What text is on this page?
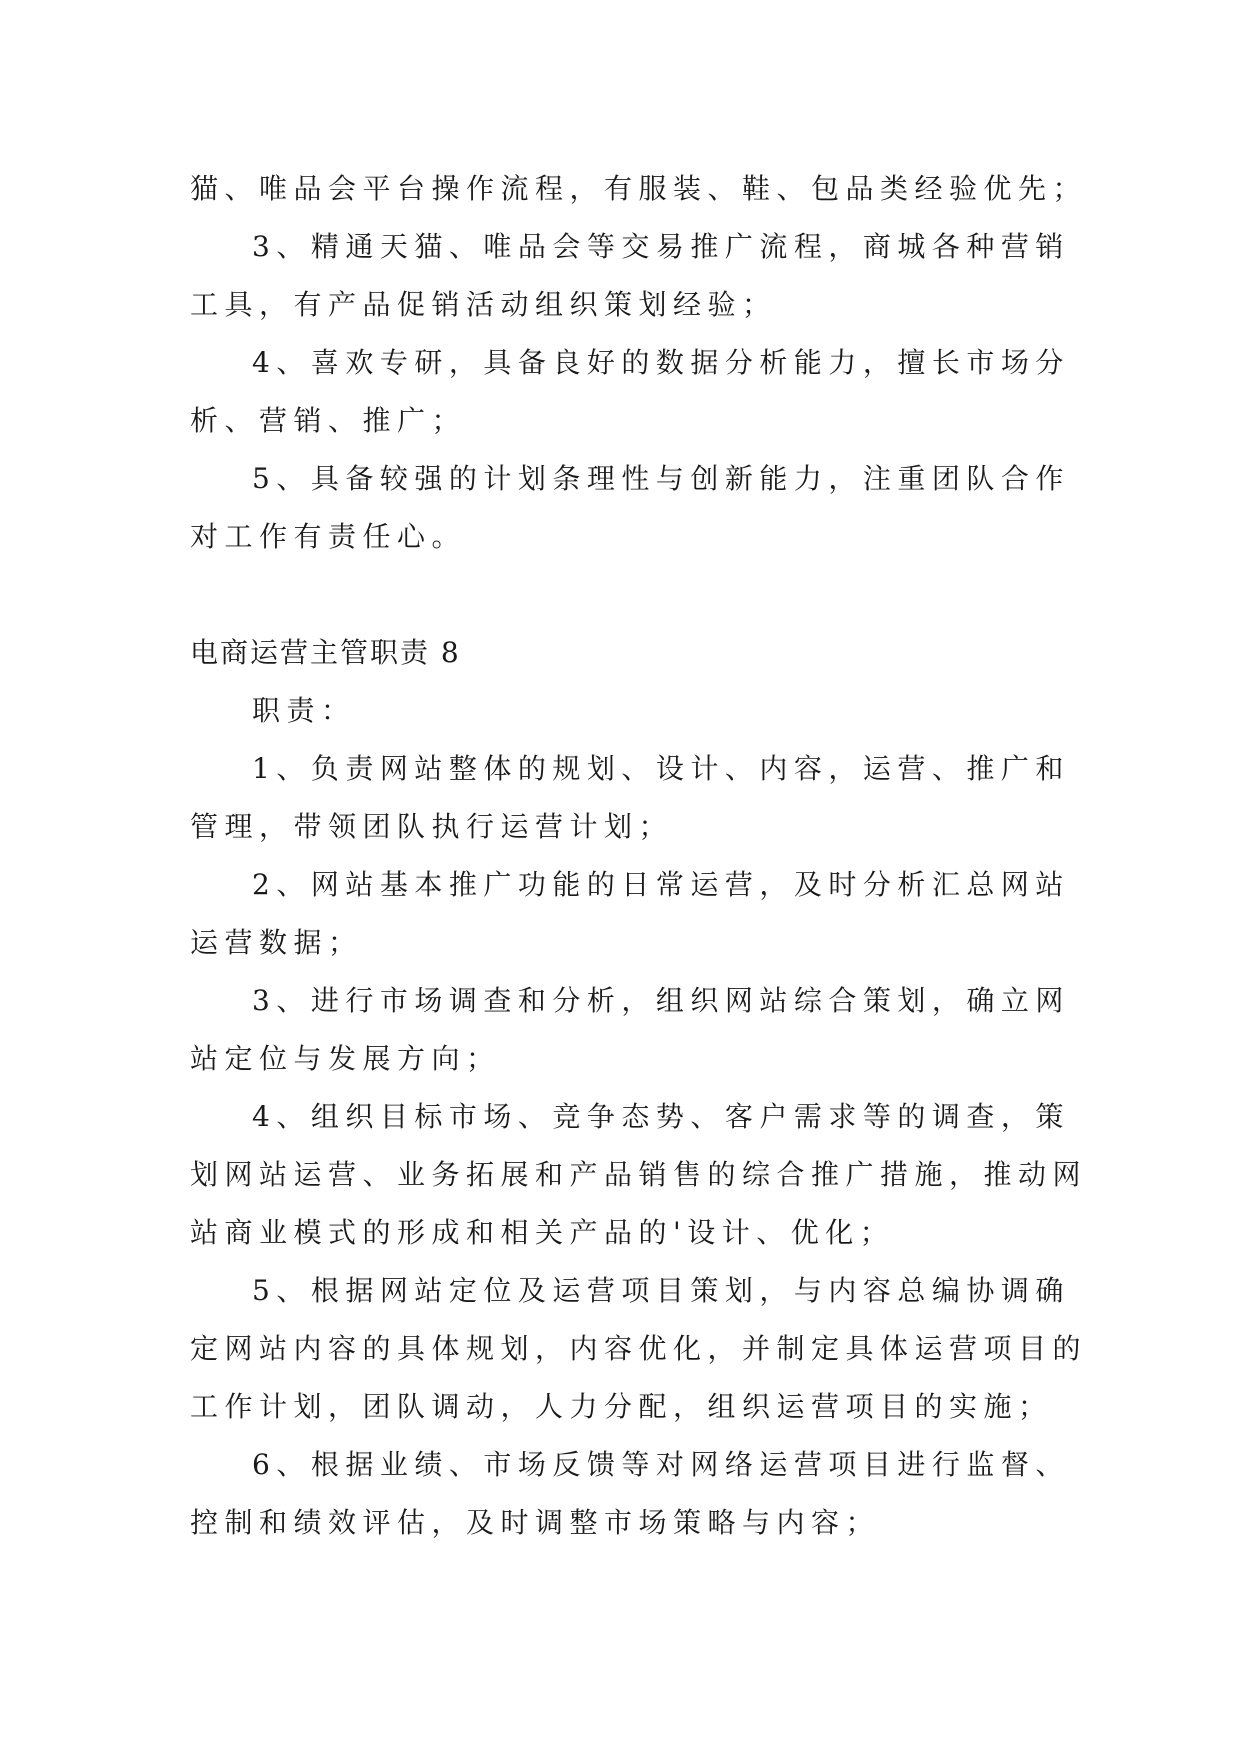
猫、唯品会平台操作流程，有服装、鞋、包品类经验优先；
3、精通天猫、唯品会等交易推广流程，商城各种营销
工具，有产品促销活动组织策划经验；
4、喜欢专研，具备良好的数据分析能力，擅长市场分
析、营销、推广；
5、具备较强的计划条理性与创新能力，注重团队合作
对工作有责任心。
电商运营主管职责 8
职责：
1、负责网站整体的规划、设计、内容，运营、推广和
管理，带领团队执行运营计划；
2、网站基本推广功能的日常运营，及时分析汇总网站
运营数据；
3、进行市场调查和分析，组织网站综合策划，确立网
站定位与发展方向；
4、组织目标市场、竞争态势、客户需求等的调查，策
划网站运营、业务拓展和产品销售的综合推广措施，推动网
站商业模式的形成和相关产品的'设计、优化；
5、根据网站定位及运营项目策划，与内容总编协调确
定网站内容的具体规划，内容优化，并制定具体运营项目的
工作计划，团队调动，人力分配，组织运营项目的实施；
6、根据业绩、市场反馈等对网络运营项目进行监督、
控制和绩效评估，及时调整市场策略与内容；
